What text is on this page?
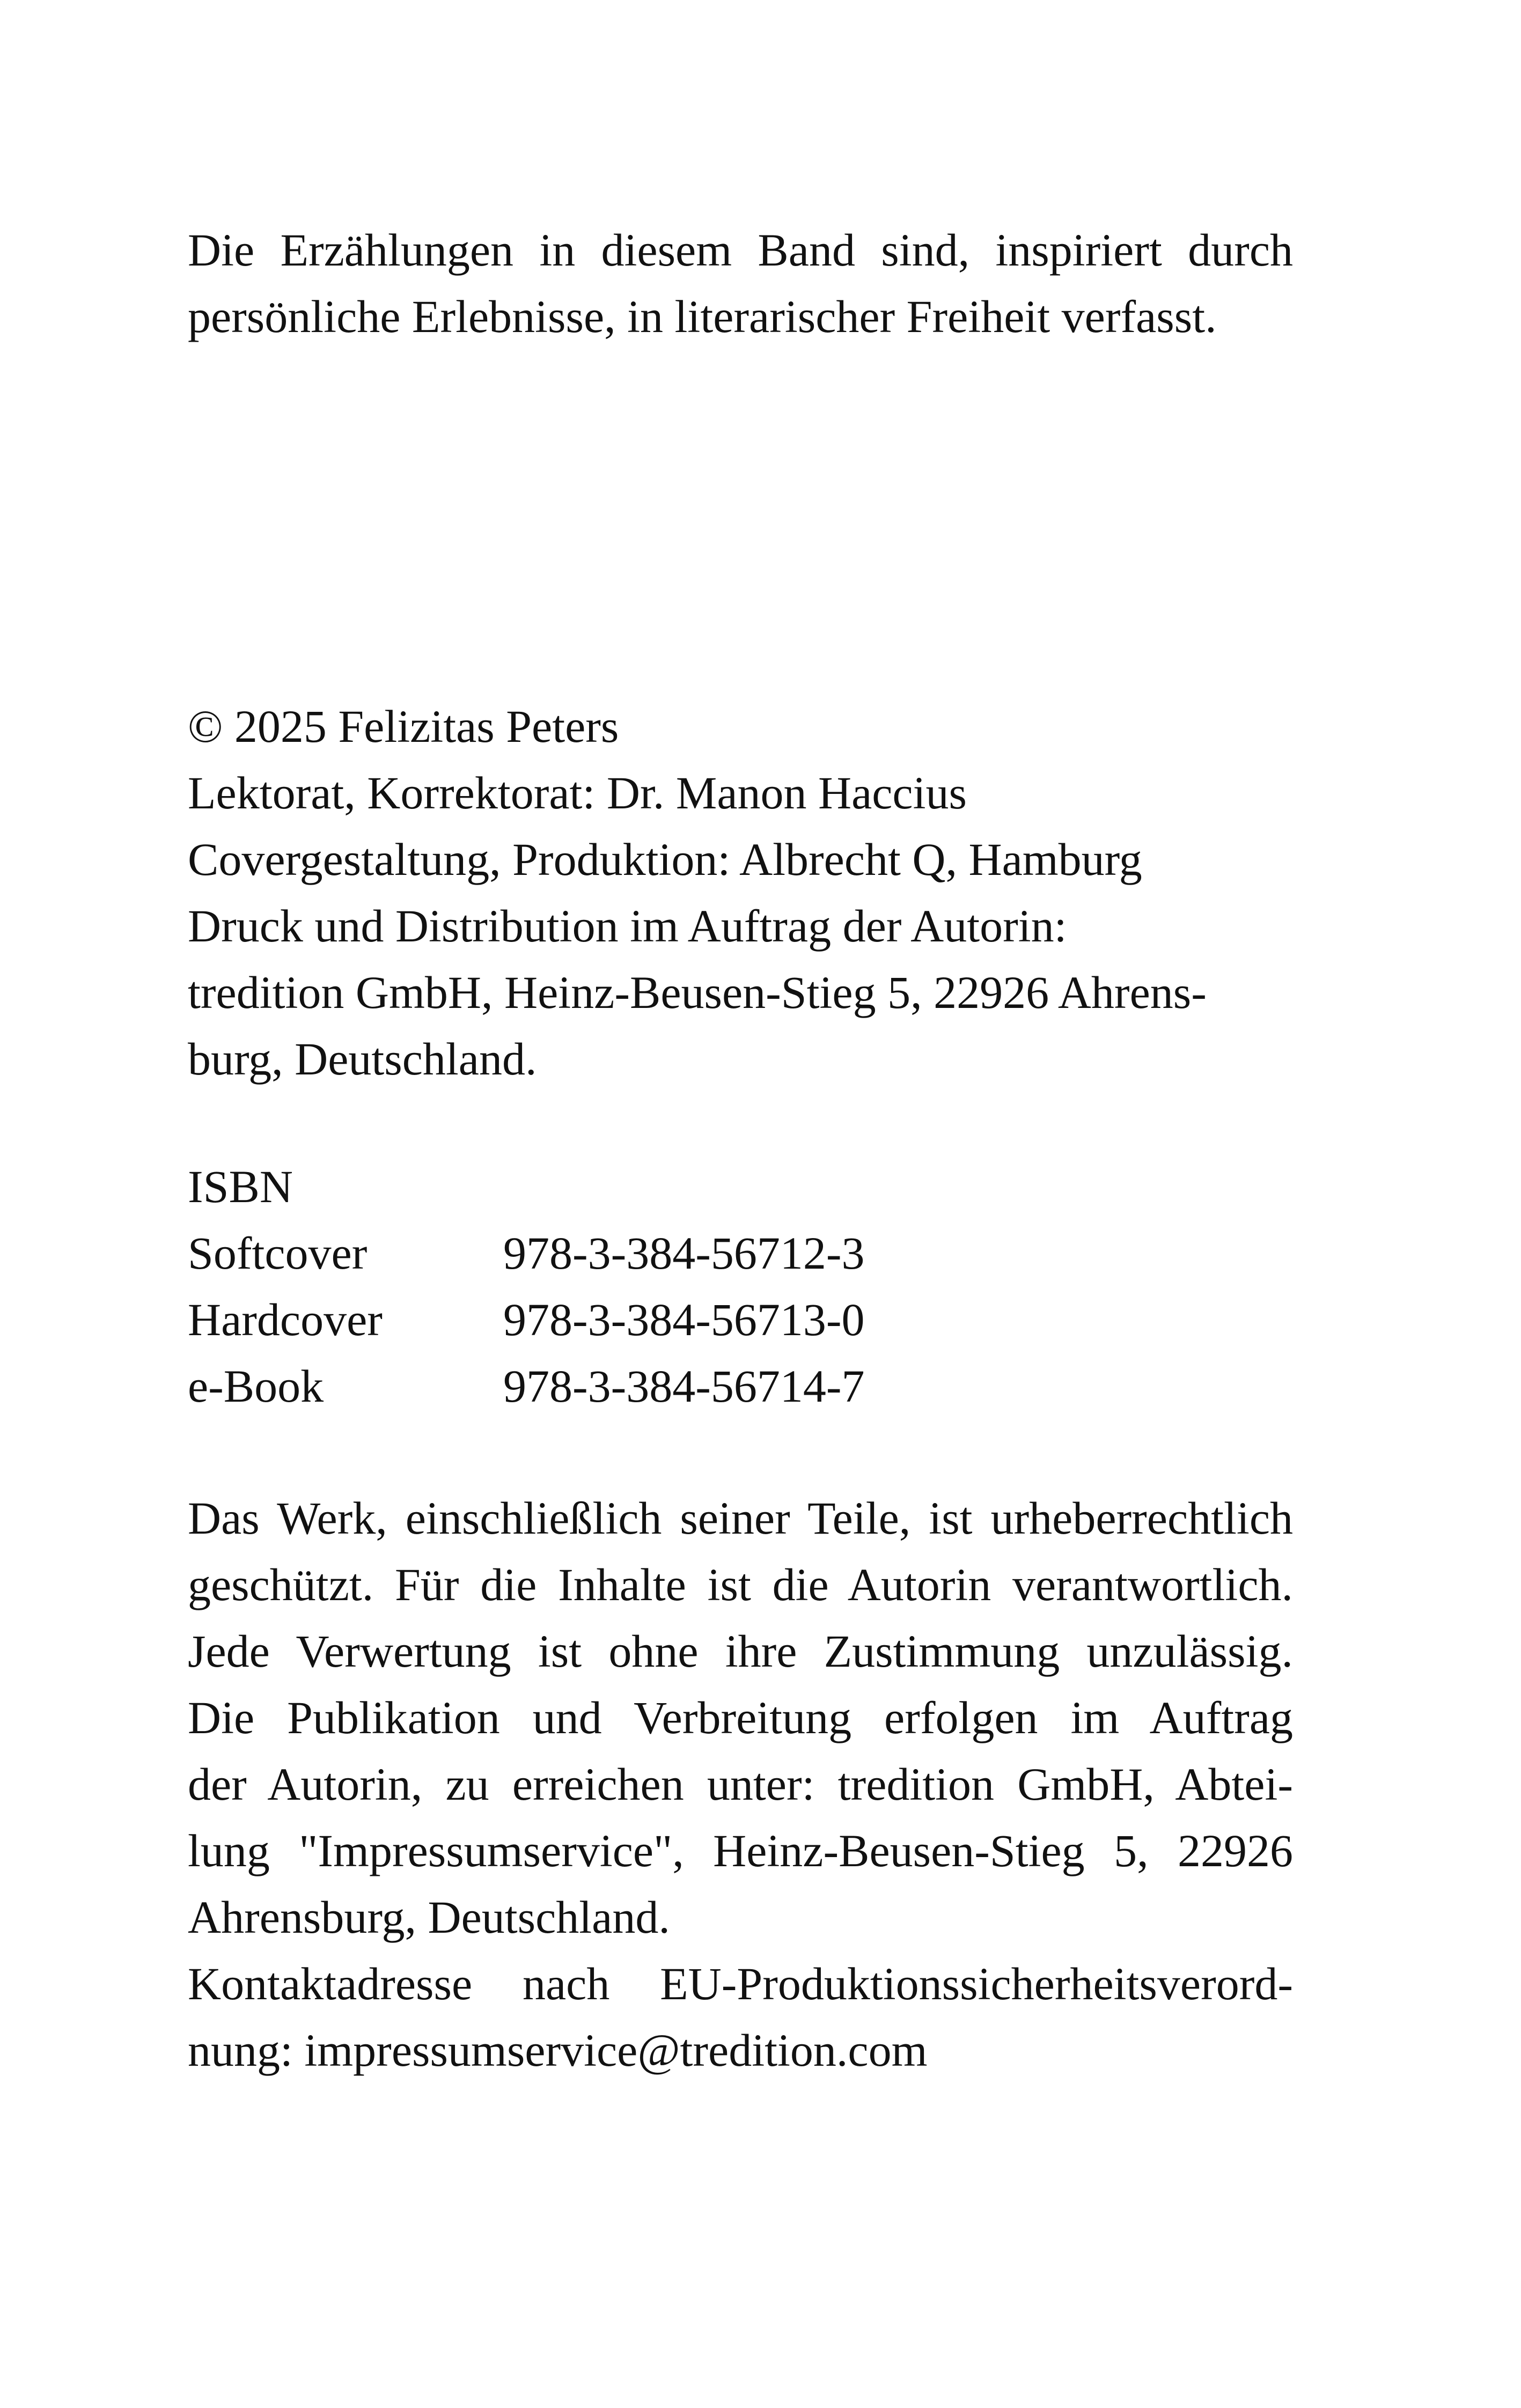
Die Erzählungen in diesem Band sind, inspiriert durch
persönliche Erlebnisse, in literarischer Freiheit verfasst.
© 2025 Felizitas Peters
Lektorat, Korrektorat: Dr. Manon Haccius
Covergestaltung, Produktion: Albrecht Q, Hamburg
Druck und Distribution im Auftrag der Autorin:
tredition GmbH, Heinz-Beusen-Stieg 5, 22926 Ahrens-
burg, Deutschland.
ISBN
Softcover	978-3-384-56712-3
Hardcover	978-3-384-56713-0
e-Book	978-3-384-56714-7
Das Werk, einschließlich seiner Teile, ist urheberrechtlich
geschützt. Für die Inhalte ist die Autorin verantwortlich.
Jede Verwertung ist ohne ihre Zustimmung unzulässig.
Die Publikation und Verbreitung erfolgen im Auftrag
der Autorin, zu erreichen unter: tredition GmbH, Abtei-
lung "Impressumservice", Heinz-Beusen-Stieg 5, 22926
Ahrensburg, Deutschland.
Kontaktadresse nach EU-Produktionssicherheitsverord-
nung: impressumservice@tredition.com
